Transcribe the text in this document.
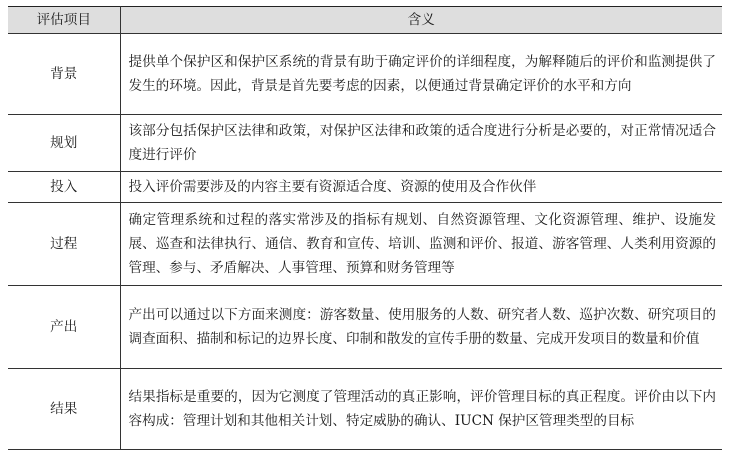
评估项目	含义
背景	提供单个保护区和保护区系统的背景有助于确定评价的详细程度，为解释随后的评价和监测提供了发生的环境。因此，背景是首先要考虑的因素，以便通过背景确定评价的水平和方向
规划	该部分包括保护区法律和政策，对保护区法律和政策的适合度进行分析是必要的，对正常情况适合度进行评价
投入	投入评价需要涉及的内容主要有资源适合度、资源的使用及合作伙伴
过程	确定管理系统和过程的落实常涉及的指标有规划、自然资源管理、文化资源管理、维护、设施发展、巡查和法律执行、通信、教育和宣传、培训、监测和评价、报道、游客管理、人类利用资源的管理、参与、矛盾解决、人事管理、预算和财务管理等
产出	产出可以通过以下方面来测度：游客数量、使用服务的人数、研究者人数、巡护次数、研究项目的调查面积、描制和标记的边界长度、印制和散发的宣传手册的数量、完成开发项目的数量和价值
结果	结果指标是重要的，因为它测度了管理活动的真正影响，评价管理目标的真正程度。评价由以下内容构成：管理计划和其他相关计划、特定威胁的确认、IUCN 保护区管理类型的目标
